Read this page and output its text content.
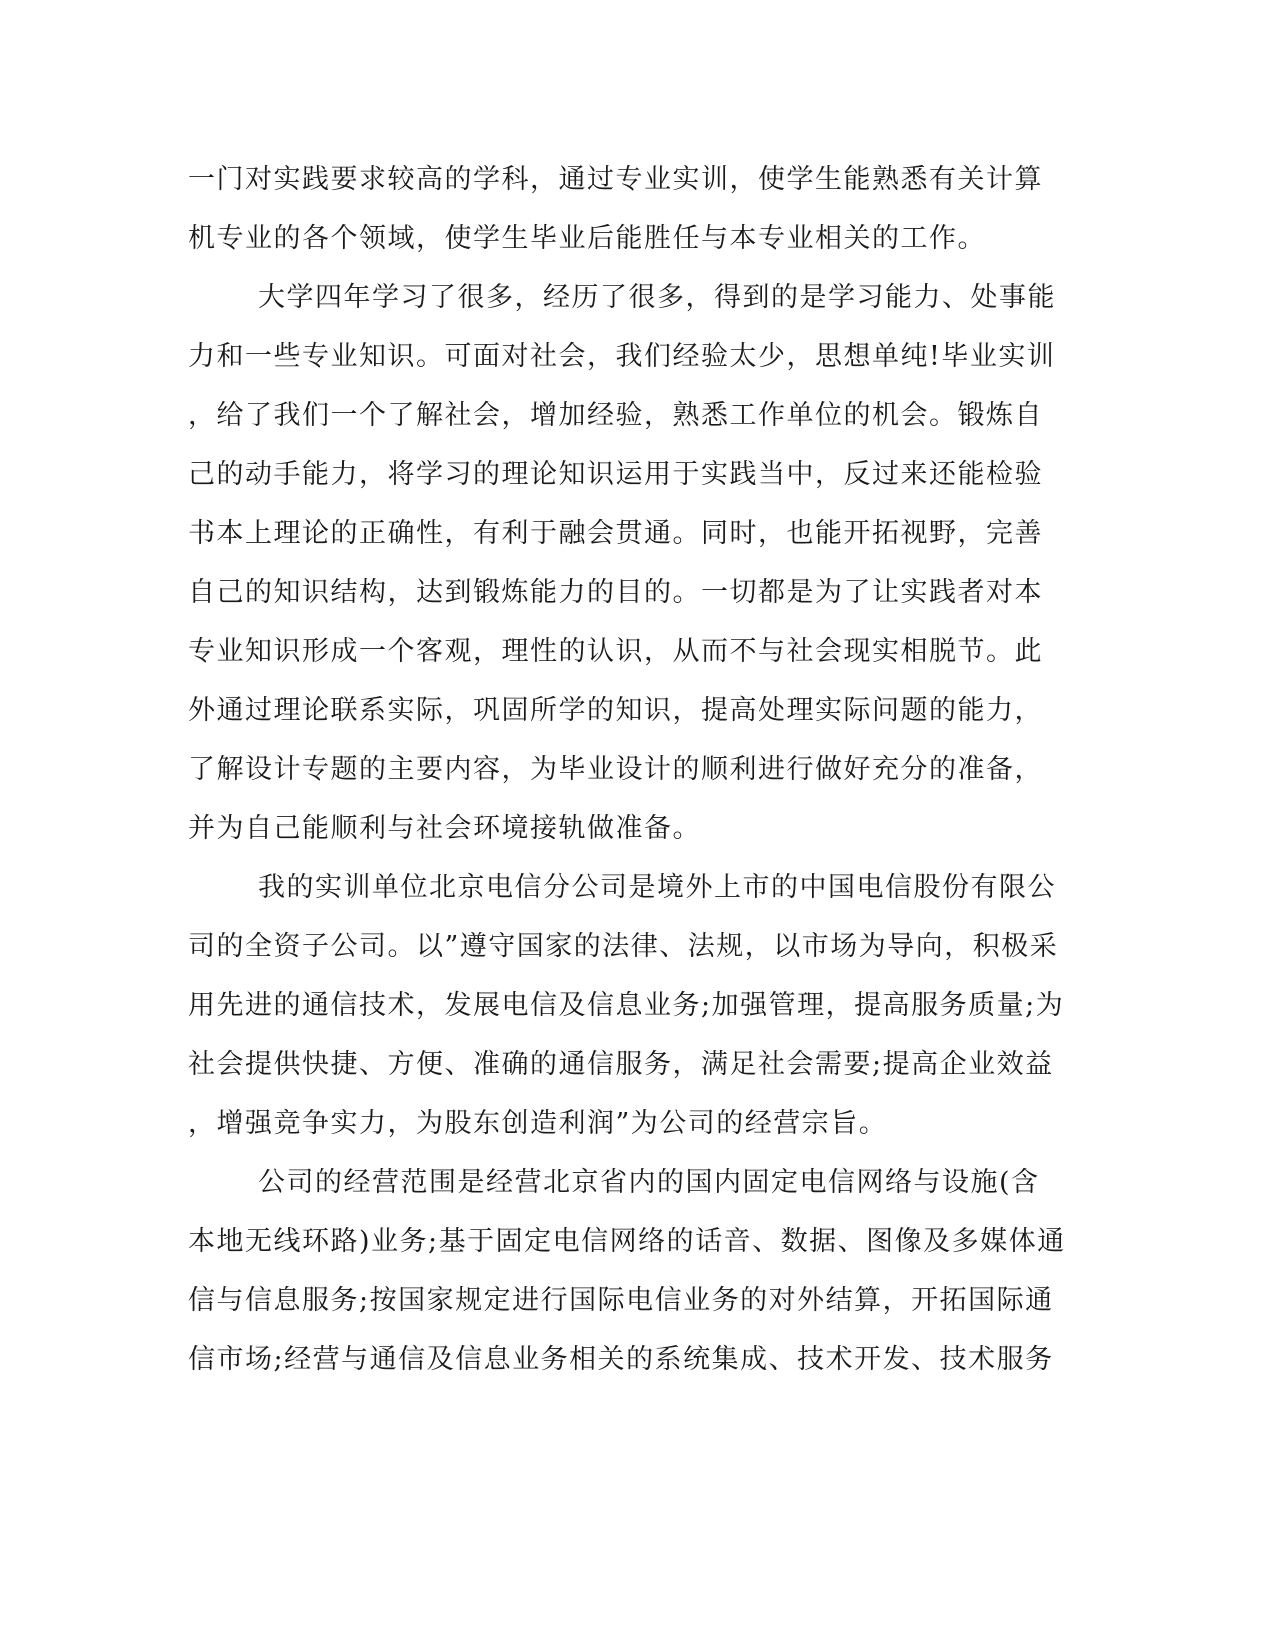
一门对实践要求较高的学科，通过专业实训，使学生能熟悉有关计算
机专业的各个领域，使学生毕业后能胜任与本专业相关的工作。
大学四年学习了很多，经历了很多，得到的是学习能力、处事能
力和一些专业知识。可面对社会，我们经验太少，思想单纯!毕业实训
，给了我们一个了解社会，增加经验，熟悉工作单位的机会。锻炼自
己的动手能力，将学习的理论知识运用于实践当中，反过来还能检验
书本上理论的正确性，有利于融会贯通。同时，也能开拓视野，完善
自己的知识结构，达到锻炼能力的目的。一切都是为了让实践者对本
专业知识形成一个客观，理性的认识，从而不与社会现实相脱节。此
外通过理论联系实际，巩固所学的知识，提高处理实际问题的能力，
了解设计专题的主要内容，为毕业设计的顺利进行做好充分的准备，
并为自己能顺利与社会环境接轨做准备。
我的实训单位北京电信分公司是境外上市的中国电信股份有限公
司的全资子公司。以”遵守国家的法律、法规，以市场为导向，积极采
用先进的通信技术，发展电信及信息业务;加强管理，提高服务质量;为
社会提供快捷、方便、准确的通信服务，满足社会需要;提高企业效益
，增强竞争实力，为股东创造利润”为公司的经营宗旨。
公司的经营范围是经营北京省内的国内固定电信网络与设施(含
本地无线环路)业务;基于固定电信网络的话音、数据、图像及多媒体通
信与信息服务;按国家规定进行国际电信业务的对外结算，开拓国际通
信市场;经营与通信及信息业务相关的系统集成、技术开发、技术服务
